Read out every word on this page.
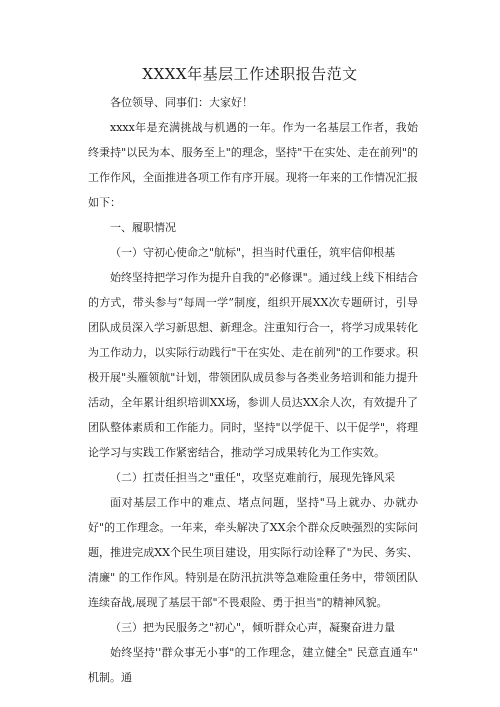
XXXX年基层工作述职报告范文

各位领导、同事们：大家好！

xxxx年是充满挑战与机遇的一年。作为一名基层工作者，我始终秉持"以民为本、服务至上"的理念，坚持"干在实处、走在前列"的工作作风，全面推进各项工作有序开展。现将一年来的工作情况汇报如下：

一、履职情况

（一）守初心使命之"航标"，担当时代重任，筑牢信仰根基

始终坚持把学习作为提升自我的"必修课"。通过线上线下相结合的方式，带头参与“每周一学”制度，组织开展XX次专题研讨，引导团队成员深入学习新思想、新理念。注重知行合一，将学习成果转化为工作动力，以实际行动践行"干在实处、走在前列"的工作要求。积极开展"头雁领航"计划，带领团队成员参与各类业务培训和能力提升活动，全年累计组织培训XX场，参训人员达XX余人次，有效提升了团队整体素质和工作能力。同时，坚持"以学促干、以干促学"，将理论学习与实践工作紧密结合，推动学习成果转化为工作实效。

（二）扛责任担当之"重任"，攻坚克难前行，展现先锋风采

面对基层工作中的难点、堵点问题，坚持"马上就办、办就办好"的工作理念。一年来，牵头解决了XX余个群众反映强烈的实际问题，推进完成XX个民生项目建设，用实际行动诠释了"为民、务实、清廉" 的工作作风。特别是在防汛抗洪等急难险重任务中，带领团队连续奋战,展现了基层干部"不畏艰险、勇于担当"的精神风貌。

（三）把为民服务之"初心"，倾听群众心声，凝聚奋进力量

始终坚持''群众事无小事"的工作理念，建立健全" 民意直通车" 机制。通
